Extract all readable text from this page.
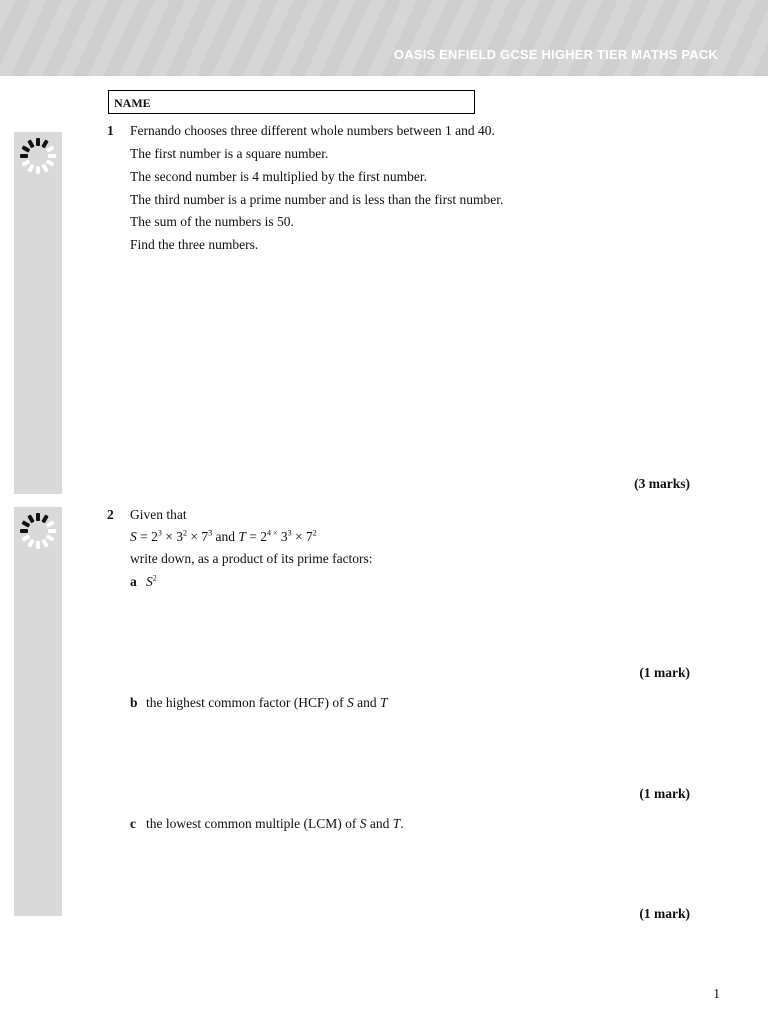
OASIS ENFIELD GCSE HIGHER TIER MATHS PACK
NAME
1 Fernando chooses three different whole numbers between 1 and 40.
The first number is a square number.
The second number is 4 multiplied by the first number.
The third number is a prime number and is less than the first number.
The sum of the numbers is 50.
Find the three numbers.
(3 marks)
2 Given that
$S = 2^3 \times 3^2 \times 7^3$ and $T = 2^{4 \times}$ $3^3 \times 7^2$
write down, as a product of its prime factors:
a $S^2$
(1 mark)
b the highest common factor (HCF) of S and T
(1 mark)
c the lowest common multiple (LCM) of S and T.
(1 mark)
1
